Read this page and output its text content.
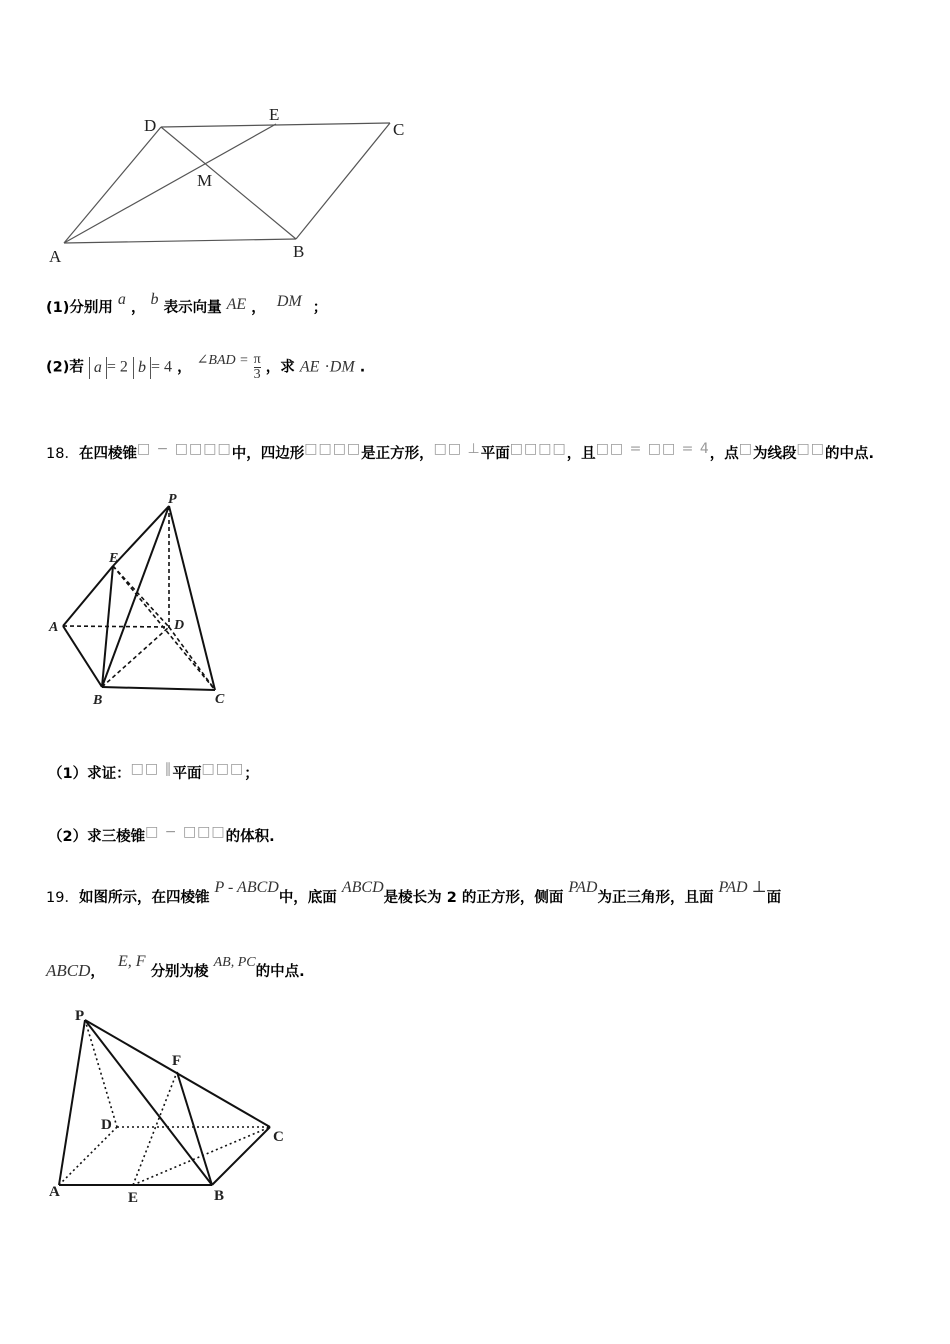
D
E
C
M
A	B
(1)分别用 a ， b 表示向量 AE ， DM ；
(2)若 a = 2 b = 4 ， ∠BAD = $\frac{\pi}{3}$ ，求 AE ·DM .
18．在四棱锥□ − □□□□中，四边形□□□□是正方形，□□ ⊥平面□□□□，且□□ = □□ = 4，点□为线段□□的中点.
P
E
A	D
B	C
（1）求证：□□ ∥平面□□□；
（2）求三棱锥□ − □□□的体积.
19．如图所示，在四棱锥 P - ABCD中，底面 ABCD是棱长为 2 的正方形，侧面 PAD为正三角形，且面 PAD ⊥面
ABCD， E, F 分别为棱 AB, PC的中点.
P
F
D
C
A	E	B
